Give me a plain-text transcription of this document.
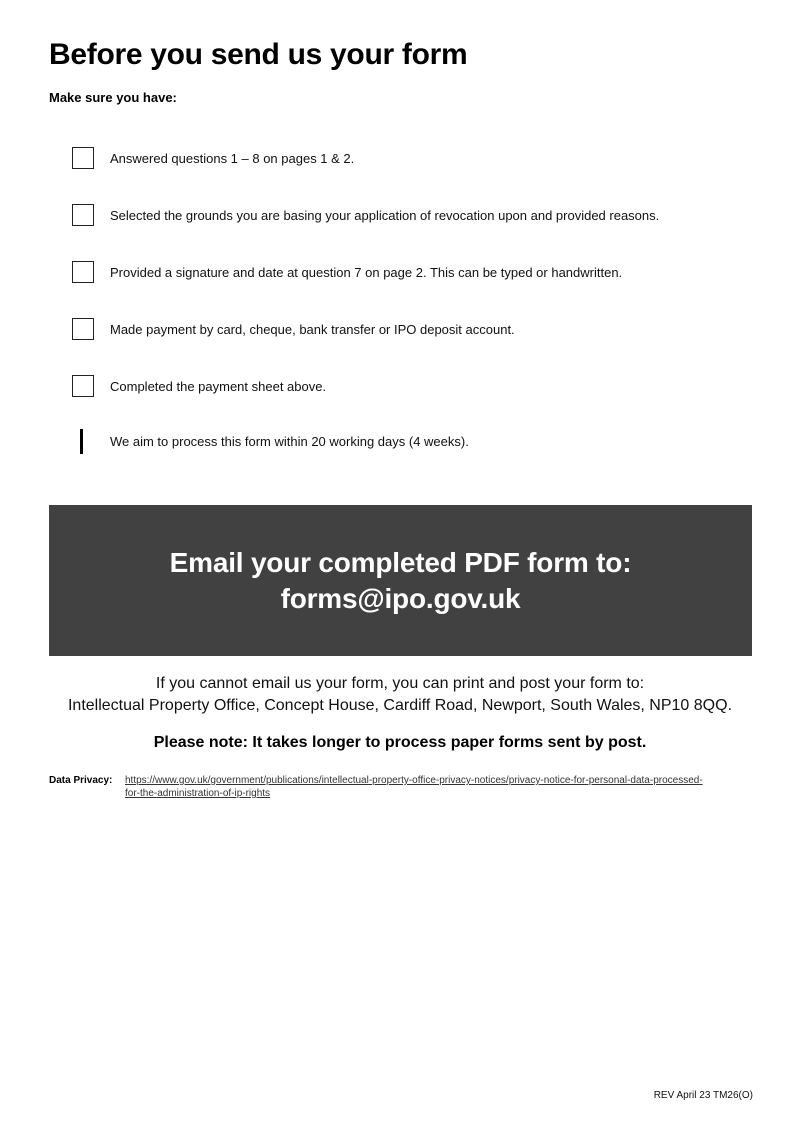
Before you send us your form
Make sure you have:
Answered questions 1 – 8 on pages 1 & 2.
Selected the grounds you are basing your application of revocation upon and provided reasons.
Provided a signature and date at question 7 on page 2. This can be typed or handwritten.
Made payment by card, cheque, bank transfer or IPO deposit account.
Completed the payment sheet above.
We aim to process this form within 20 working days (4 weeks).
Email your completed PDF form to:
forms@ipo.gov.uk
If you cannot email us your form, you can print and post your form to:
Intellectual Property Office, Concept House, Cardiff Road, Newport, South Wales, NP10 8QQ.
Please note: It takes longer to process paper forms sent by post.
Data Privacy:	https://www.gov.uk/government/publications/intellectual-property-office-privacy-notices/privacy-notice-for-personal-data-processed-
for-the-administration-of-ip-rights
REV April 23 TM26(O)
